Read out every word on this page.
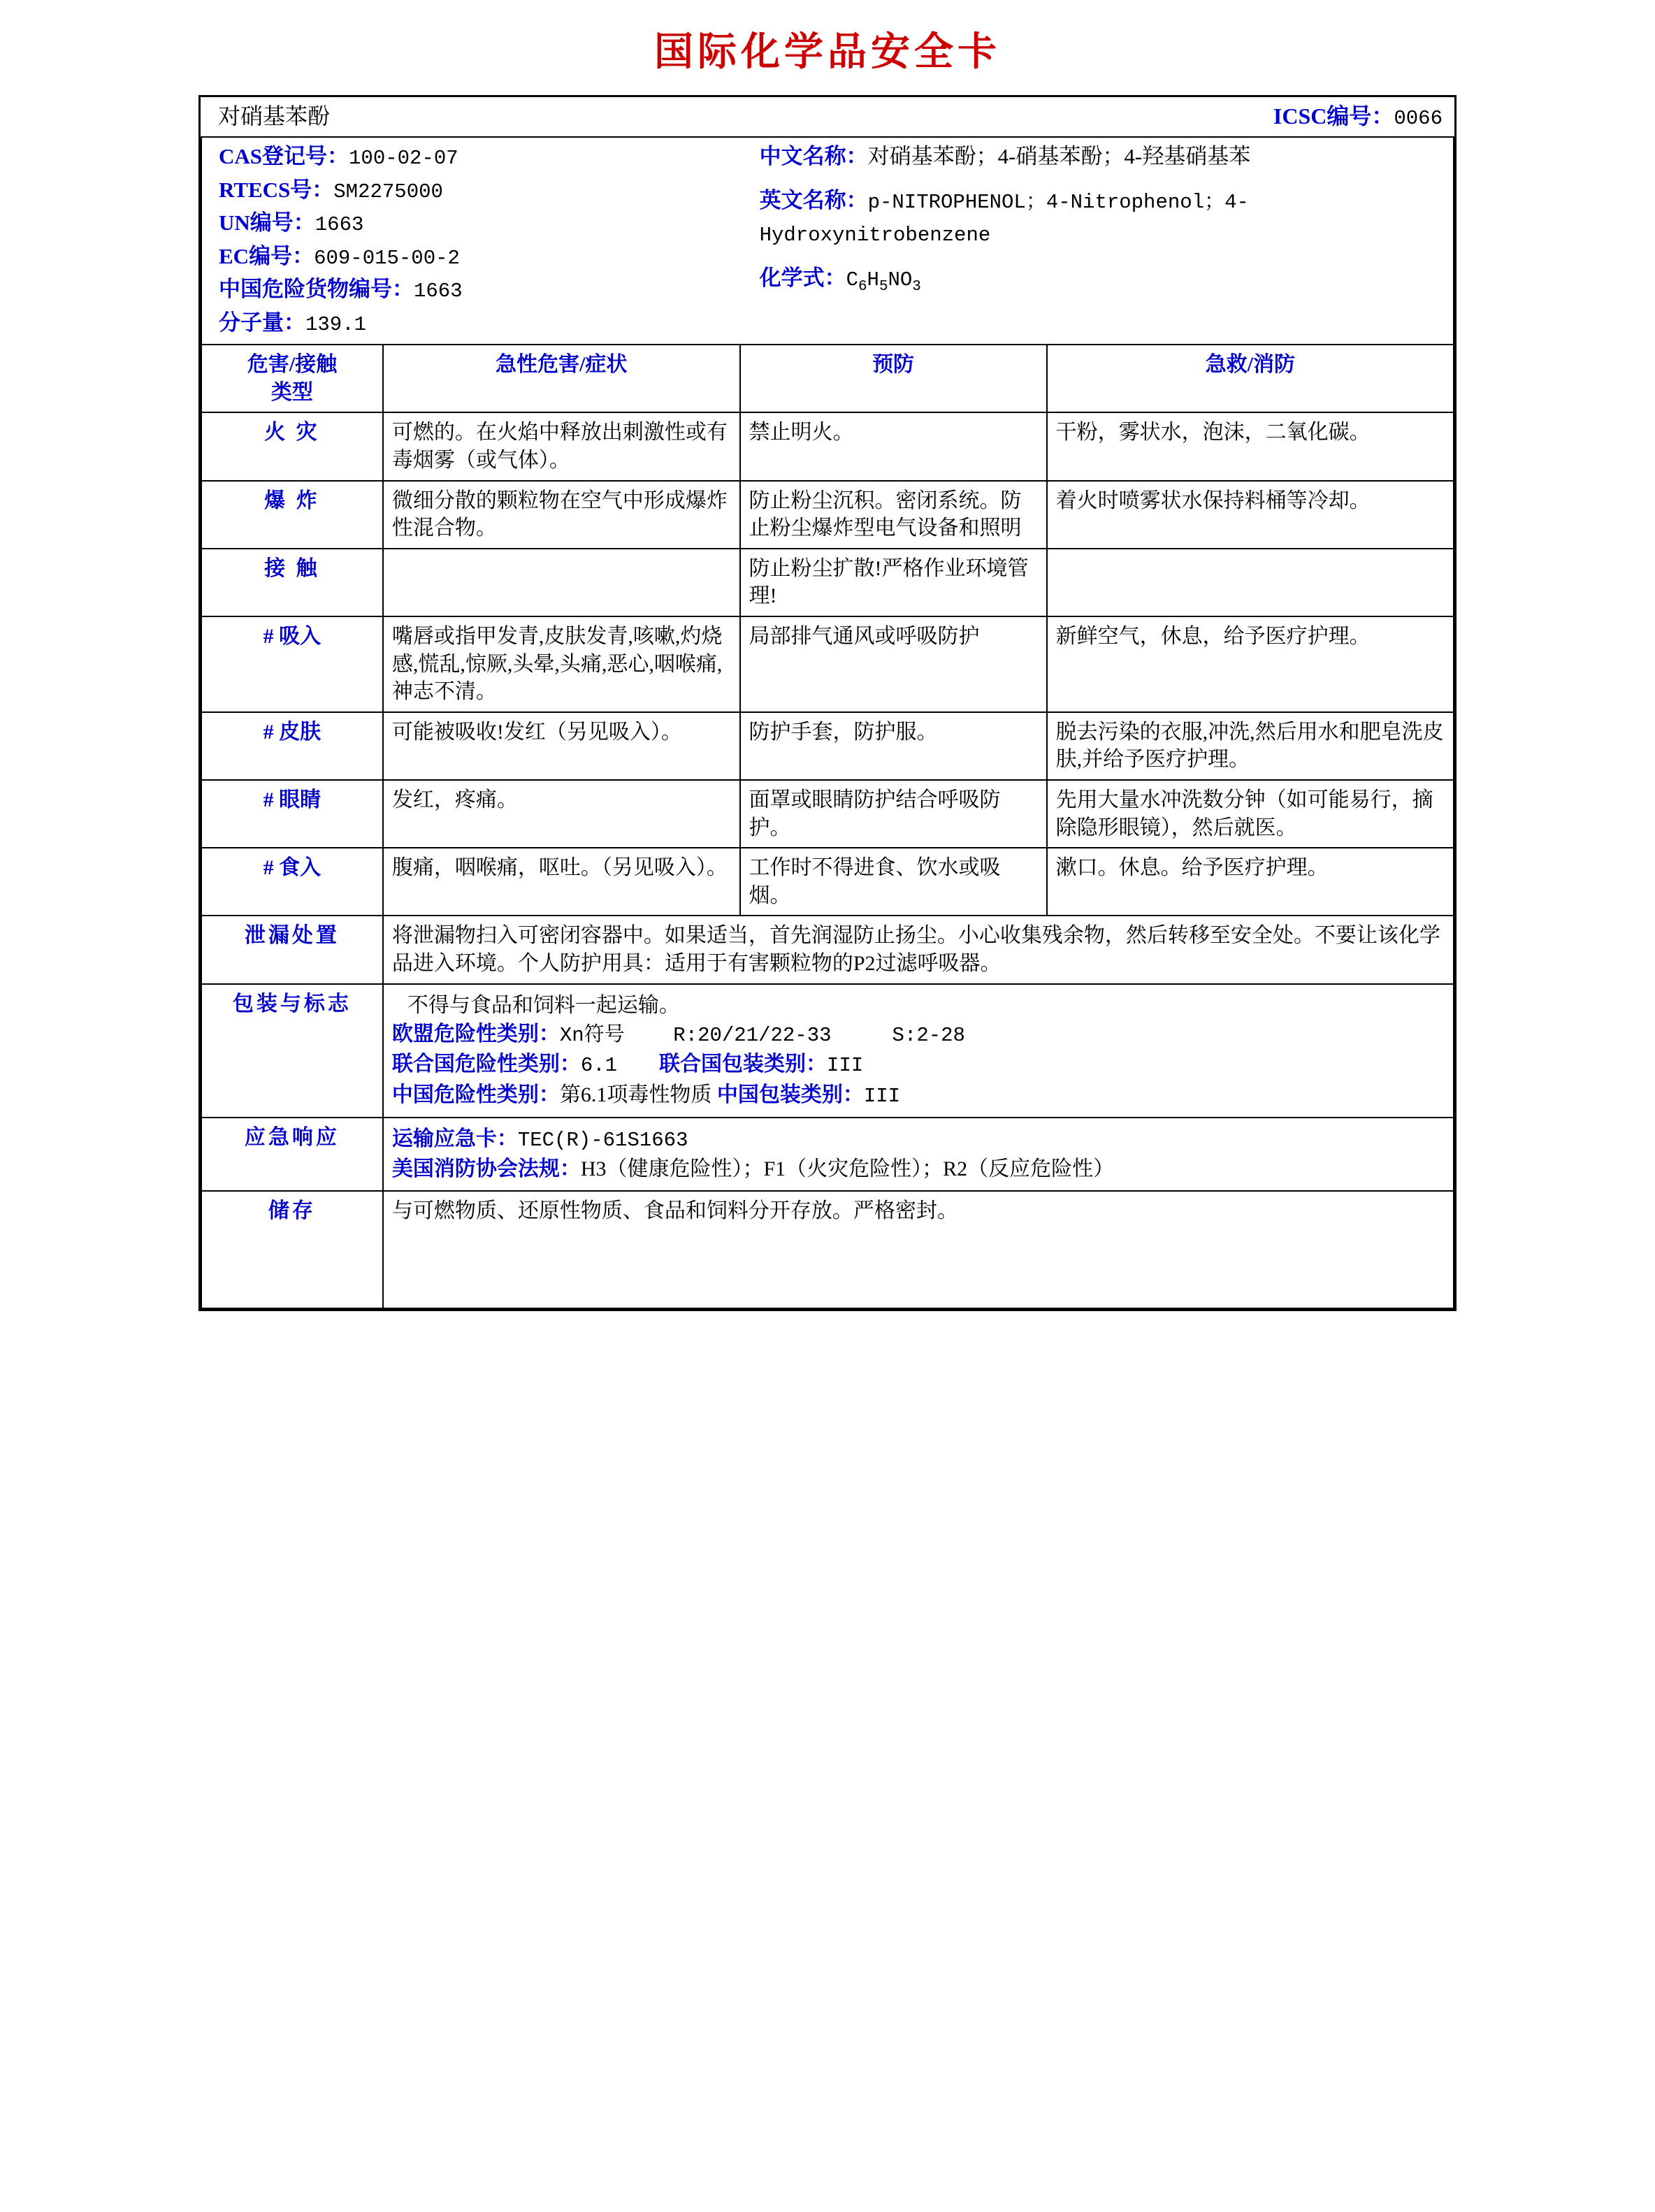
国际化学品安全卡
对硝基苯酚 ICSC编号：0066			

CAS登记号：100-02-07
RTECS号：SM2275000
UN编号：1663
EC编号：609-015-00-2
中国危险货物编号：1663
分子量：139.1
中文名称：对硝基苯酚；4-硝基苯酚；4-羟基硝基苯
英文名称：p-NITROPHENOL；4-Nitrophenol；4-Hydroxynitrobenzene
化学式：$C_6H_5NO_3$

危害/接触
类型	急性危害/症状	预防	急救/消防
火 灾	可燃的。在火焰中释放出刺激性或有毒烟雾（或气体）。	禁止明火。	干粉，雾状水，泡沫，二氧化碳。
爆 炸	微细分散的颗粒物在空气中形成爆炸性混合物。	防止粉尘沉积。密闭系统。防止粉尘爆炸型电气设备和照明	着火时喷雾状水保持料桶等冷却。
接 触		防止粉尘扩散!严格作业环境管理!	
# 吸入	嘴唇或指甲发青,皮肤发青,咳嗽,灼烧感,慌乱,惊厥,头晕,头痛,恶心,咽喉痛,神志不清。	局部排气通风或呼吸防护	新鲜空气，休息，给予医疗护理。
# 皮肤	可能被吸收!发红（另见吸入）。	防护手套，防护服。	脱去污染的衣服,冲洗,然后用水和肥皂洗皮肤,并给予医疗护理。
# 眼睛	发红，疼痛。	面罩或眼睛防护结合呼吸防护。	先用大量水冲洗数分钟（如可能易行，摘除隐形眼镜），然后就医。
# 食入	腹痛，咽喉痛，呕吐。（另见吸入）。	工作时不得进食、饮水或吸烟。	漱口。休息。给予医疗护理。
泄漏处置	将泄漏物扫入可密闭容器中。如果适当，首先润湿防止扬尘。小心收集残余物，然后转移至安全处。不要让该化学品进入环境。个人防护用具：适用于有害颗粒物的P2过滤呼吸器。		
包装与标志	不得与食品和饲料一起运输。
欧盟危险性类别：Xn符号 R:20/21/22-33 S:2-28
联合国危险性类别：6.1 联合国包装类别：III
中国危险性类别：第6.1项毒性物质 中国包装类别：III		

应急响应	运输应急卡：TEC(R)-61S1663
美国消防协会法规：H3（健康危险性）；F1（火灾危险性）；R2（反应危险性）		

储存	与可燃物质、还原性物质、食品和饲料分开存放。严格密封。		
